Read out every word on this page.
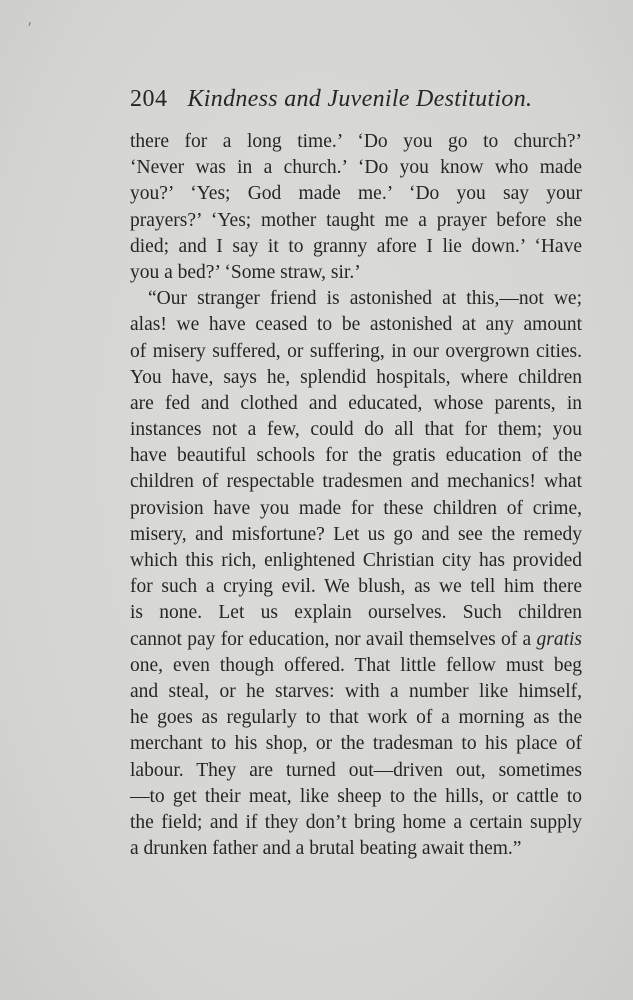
⸴
204 Kindness and Juvenile Destitution.
there for a long time.’ ‘Do you go to church?’
‘Never was in a church.’ ‘Do you know who made
you?’ ‘Yes; God made me.’ ‘Do you say your
prayers?’ ‘Yes; mother taught me a prayer before she
died; and I say it to granny afore I lie down.’ ‘Have
you a bed?’ ‘Some straw, sir.’
“Our stranger friend is astonished at this,—not we;
alas! we have ceased to be astonished at any amount
of misery suffered, or suffering, in our overgrown cities.
You have, says he, splendid hospitals, where children
are fed and clothed and educated, whose parents, in
instances not a few, could do all that for them; you
have beautiful schools for the gratis education of the
children of respectable tradesmen and mechanics! what
provision have you made for these children of crime,
misery, and misfortune? Let us go and see the remedy
which this rich, enlightened Christian city has provided
for such a crying evil. We blush, as we tell him there
is none. Let us explain ourselves. Such children
cannot pay for education, nor avail themselves of a gratis
one, even though offered. That little fellow must beg
and steal, or he starves: with a number like himself,
he goes as regularly to that work of a morning as the
merchant to his shop, or the tradesman to his place of
labour. They are turned out—driven out, sometimes
—to get their meat, like sheep to the hills, or cattle to
the field; and if they don’t bring home a certain supply
a drunken father and a brutal beating await them.”
